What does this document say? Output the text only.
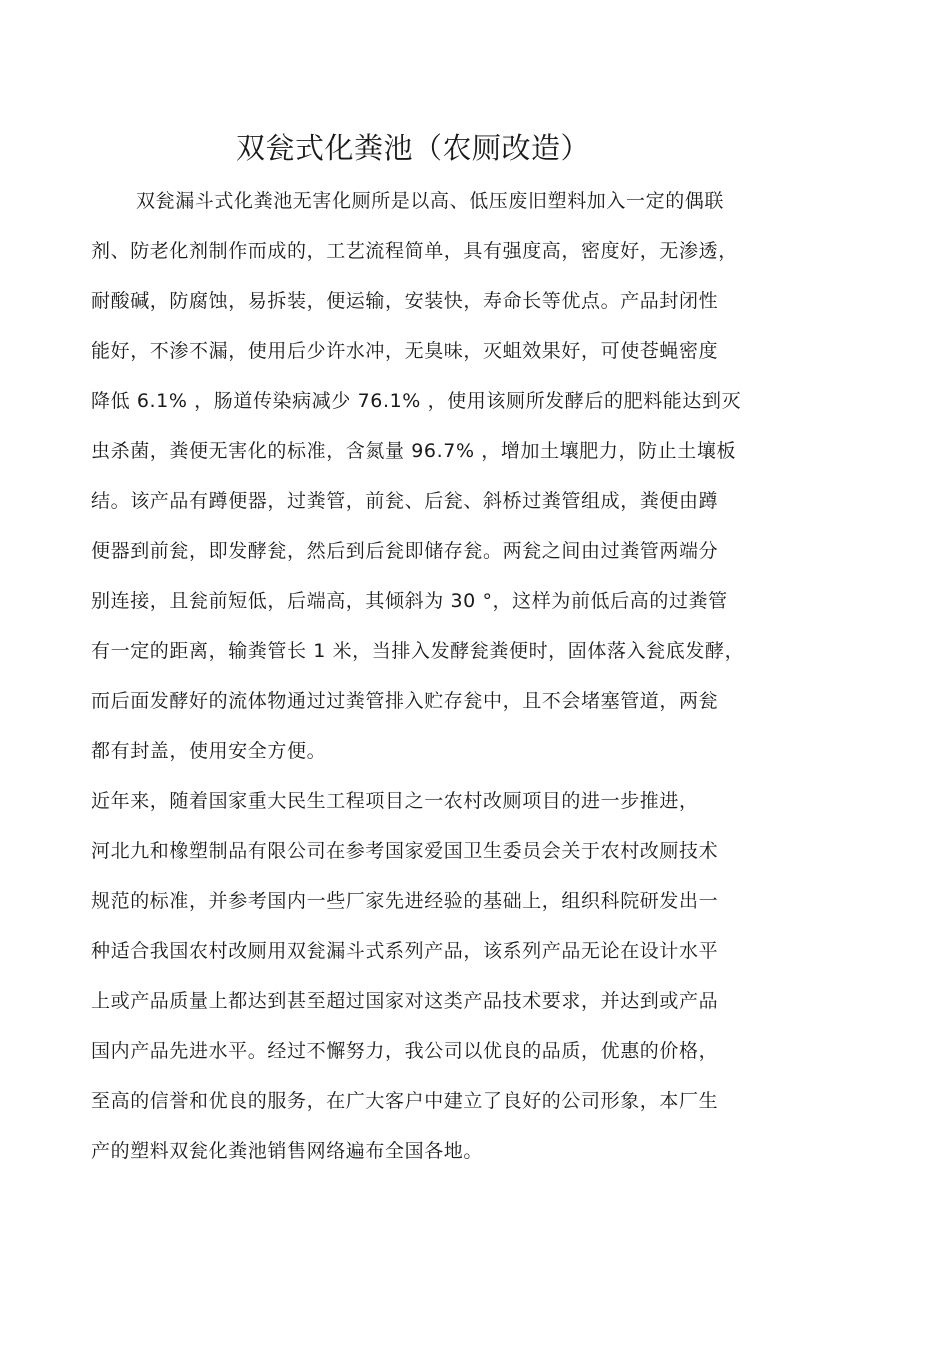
双瓮式化粪池（农厕改造）
双瓮漏斗式化粪池无害化厕所是以高、低压废旧塑料加入一定的偶联
剂、防老化剂制作而成的，工艺流程简单，具有强度高，密度好，无渗透，
耐酸碱，防腐蚀，易拆装，便运输，安装快，寿命长等优点。产品封闭性
能好，不渗不漏，使用后少许水冲，无臭味，灭蛆效果好，可使苍蝇密度
降低 6.1% ，肠道传染病减少 76.1% ，使用该厕所发酵后的肥料能达到灭
虫杀菌，粪便无害化的标准，含氮量 96.7% ，增加土壤肥力，防止土壤板
结。该产品有蹲便器，过粪管，前瓮、后瓮、斜桥过粪管组成，粪便由蹲
便器到前瓮，即发酵瓮，然后到后瓮即储存瓮。两瓮之间由过粪管两端分
别连接，且瓮前短低，后端高，其倾斜为 30 °，这样为前低后高的过粪管
有一定的距离，输粪管长 1 米，当排入发酵瓮粪便时，固体落入瓮底发酵，
而后面发酵好的流体物通过过粪管排入贮存瓮中，且不会堵塞管道，两瓮
都有封盖，使用安全方便。
近年来，随着国家重大民生工程项目之一农村改厕项目的进一步推进，
河北九和橡塑制品有限公司在参考国家爱国卫生委员会关于农村改厕技术
规范的标准，并参考国内一些厂家先进经验的基础上，组织科院研发出一
种适合我国农村改厕用双瓮漏斗式系列产品，该系列产品无论在设计水平
上或产品质量上都达到甚至超过国家对这类产品技术要求，并达到或产品
国内产品先进水平。经过不懈努力，我公司以优良的品质，优惠的价格，
至高的信誉和优良的服务，在广大客户中建立了良好的公司形象，本厂生
产的塑料双瓮化粪池销售网络遍布全国各地。
